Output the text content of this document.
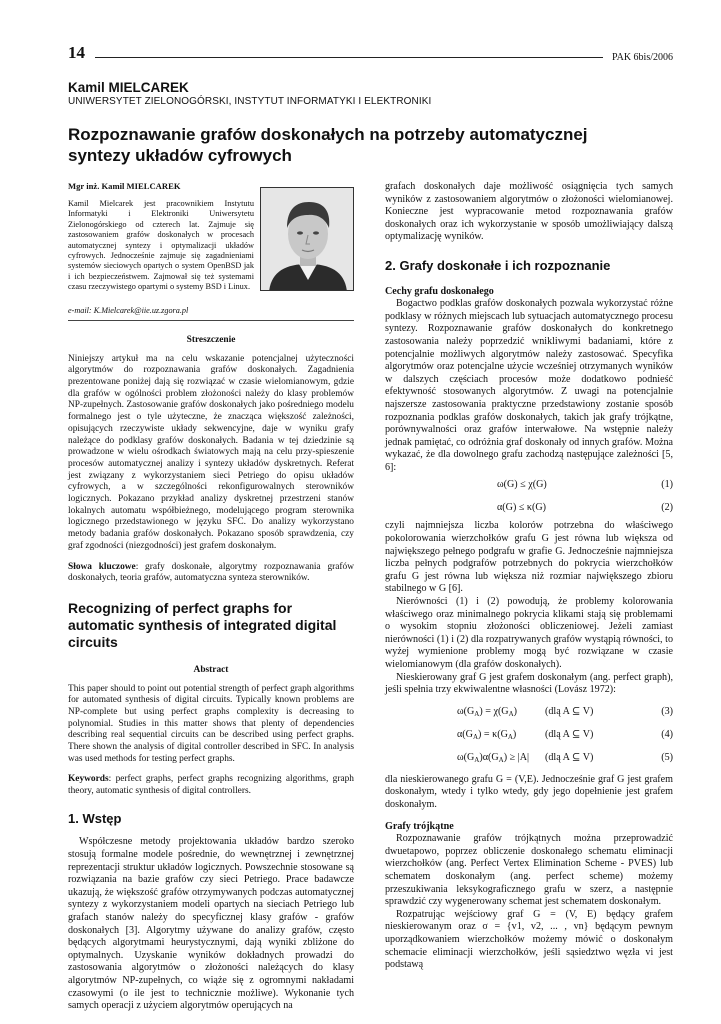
14	PAK 6bis/2006
Kamil MIELCAREK
UNIWERSYTET ZIELONOGÓRSKI, INSTYTUT INFORMATYKI I ELEKTRONIKI
Rozpoznawanie grafów doskonałych na potrzeby automatycznej syntezy układów cyfrowych
Mgr inż. Kamil MIELCAREK
Kamil Mielcarek jest pracownikiem Instytutu Informatyki i Elektroniki Uniwersytetu Zielonogórskiego od czterech lat. Zajmuje się zastosowaniem grafów doskonałych w procesach automatycznej syntezy i optymalizacji układów cyfrowych. Jednocześnie zajmuje się zagadnieniami systemów sieciowych opartych o system OpenBSD jak i ich bezpieczeństwem. Zajmował się też systemami czasu rzeczywistego opartymi o systemy BSD i Linux.
e-mail: K.Mielcarek@iie.uz.zgora.pl
Streszczenie
Niniejszy artykuł ma na celu wskazanie potencjalnej użyteczności algorytmów do rozpoznawania grafów doskonałych. Zagadnienia prezentowane poniżej dają się rozwiązać w czasie wielomianowym, gdzie dla grafów w ogólności problem złożoności należy do klasy problemów NP-zupełnych. Zastosowanie grafów doskonałych jako pośredniego modelu formalnego jest o tyle użyteczne, że znacząca większość zależności, opisujących rzeczywiste układy sekwencyjne, daje w wyniku grafy należące do podklasy grafów doskonałych. Badania w tej dziedzinie są prowadzone w wielu ośrodkach światowych mają na celu przy-spieszenie procesów automatycznej analizy i syntezy układów dyskretnych. Referat jest związany z wykorzystaniem sieci Petriego do opisu układów cyfrowych, a w szczególności rekonfigurowalnych sterowników logicznych. Pokazano przykład analizy dyskretnej przestrzeni stanów lokalnych automatu współbieżnego, modelującego program sterownika logicznego przedstawionego w języku SFC. Do analizy wykorzystano metody badania grafów doskonałych. Pokazano sposób sprawdzenia, czy graf zgodności (niezgodności) jest grafem doskonałym.
Słowa kluczowe: grafy doskonałe, algorytmy rozpoznawania grafów doskonałych, teoria grafów, automatyczna synteza sterowników.
Recognizing of perfect graphs for automatic synthesis of integrated digital circuits
Abstract
This paper should to point out potential strength of perfect graph algorithms for automated synthesis of digital circuits. Typically known problems are NP-complete but using perfect graphs complexity is decreasing to polynomial. Studies in this matter shows that plenty of dependencies describing real sequential circuits can be described using perfect graphs. There shown the analysis of digital controller described in SFC. In analysis was used methods for testing perfect graphs.
Keywords: perfect graphs, perfect graphs recognizing algorithms, graph theory, automatic synthesis of digital controllers.
1. Wstęp

Współczesne metody projektowania układów bardzo szeroko stosują formalne modele pośrednie, do wewnętrznej i zewnętrznej reprezentacji struktur układów logicznych. Powszechnie stosowane są rozwiązania na bazie grafów czy sieci Petriego. Prace badawcze ukazują, że większość grafów otrzymywanych podczas automatycznej syntezy z wykorzystaniem modeli opartych na sieciach Petriego lub grafach stanów należy do specyficznej klasy grafów - grafów doskonałych [3]. Algorytmy używane do analizy grafów, często będących algorytmami heurystycznymi, dają wyniki zbliżone do optymalnych. Uzyskanie wyników dokładnych prowadzi do zastosowania algorytmów o złożoności należących do klasy algorytmów NP-zupełnych, co wiąże się z ogromnymi nakładami czasowymi (o ile jest to technicznie możliwe). Wykonanie tych samych operacji z użyciem algorytmów operujących na

grafach doskonałych daje możliwość osiągnięcia tych samych wyników z zastosowaniem algorytmów o złożoności wielomianowej. Konieczne jest wypracowanie metod rozpoznawania grafów doskonałych oraz ich wykorzystanie w sposób umożliwiający dalszą optymalizację wyników.

2. Grafy doskonałe i ich rozpoznanie
Cechy grafu doskonałego

Bogactwo podklas grafów doskonałych pozwala wykorzystać różne podklasy w różnych miejscach lub sytuacjach automatycznego procesu syntezy. Rozpoznawanie grafów doskonałych do konkretnego zastosowania należy poprzedzić wnikliwymi badaniami, które z potencjalnie możliwych algorytmów należy zastosować. Specyfika algorytmów oraz potencjalne użycie wcześniej otrzymanych wyników w dalszych częściach procesów może dodatkowo podnieść efektywność stosowanych algorytmów. Z uwagi na potencjalnie najszersze zastosowania praktyczne przedstawiony zostanie sposób rozpoznania podklas grafów doskonałych, takich jak grafy trójkątne, porównywalności oraz grafów interwałowe. Na wstępnie należy jednak pamiętać, co odróżnia graf doskonały od innych grafów. Można wykazać, że dla dowolnego grafu zachodzą następujące zależności [5, 6]:

ω(G) ≤ χ(G)	(1)
α(G) ≤ κ(G)	(2)

czyli najmniejsza liczba kolorów potrzebna do właściwego pokolorowania wierzchołków grafu G jest równa lub większa od największego pełnego podgrafu w grafie G. Jednocześnie najmniejsza liczba pełnych podgrafów potrzebnych do pokrycia wierzchołków grafu G jest równa lub większa niż rozmiar największego zbioru stabilnego w G [6].

Nierówności (1) i (2) powodują, że problemy kolorowania właściwego oraz minimalnego pokrycia klikami stają się problemami o wysokim stopniu złożoności obliczeniowej. Jeżeli zamiast nierówności (1) i (2) dla rozpatrywanych grafów wystąpią równości, to wyżej wymienione problemy mogą być rozwiązane w czasie wielomianowym (dla grafów doskonałych).

Nieskierowany graf G jest grafem doskonałym (ang. perfect graph), jeśli spełnia trzy ekwiwalentne własności (Lovász 1972):

$\omega(G_A) = \chi(G_A)$	(dlą A ⊆ V)	(3)
$\alpha(G_A) = \kappa(G_A)$	(dlą A ⊆ V)	(4)
$\omega(G_A)\alpha(G_A) \ge |A|$ (dlą A ⊆ V)	(5)

dla nieskierowanego grafu G = (V,E). Jednocześnie graf G jest grafem doskonałym, wtedy i tylko wtedy, gdy jego dopełnienie jest grafem doskonałym.

Grafy trójkątne

Rozpoznawanie grafów trójkątnych można przeprowadzić dwuetapowo, poprzez obliczenie doskonałego schematu eliminacji wierzchołków (ang. Perfect Vertex Elimination Scheme - PVES) lub schematem doskonałym (ang. perfect scheme) możemy przeszukiwania leksykograficznego grafu w szerz, a następnie sprawdzić czy wygenerowany schemat jest schematem doskonałym.

Rozpatrując wejściowy graf G = (V, E) będący grafem nieskierowanym oraz σ = {v1, v2, ... , vn} będącym pewnym uporządkowaniem wierzchołków możemy mówić o doskonałym schemacie eliminacji wierzchołków, jeśli sąsiedztwo węzła vi jest podstawą
